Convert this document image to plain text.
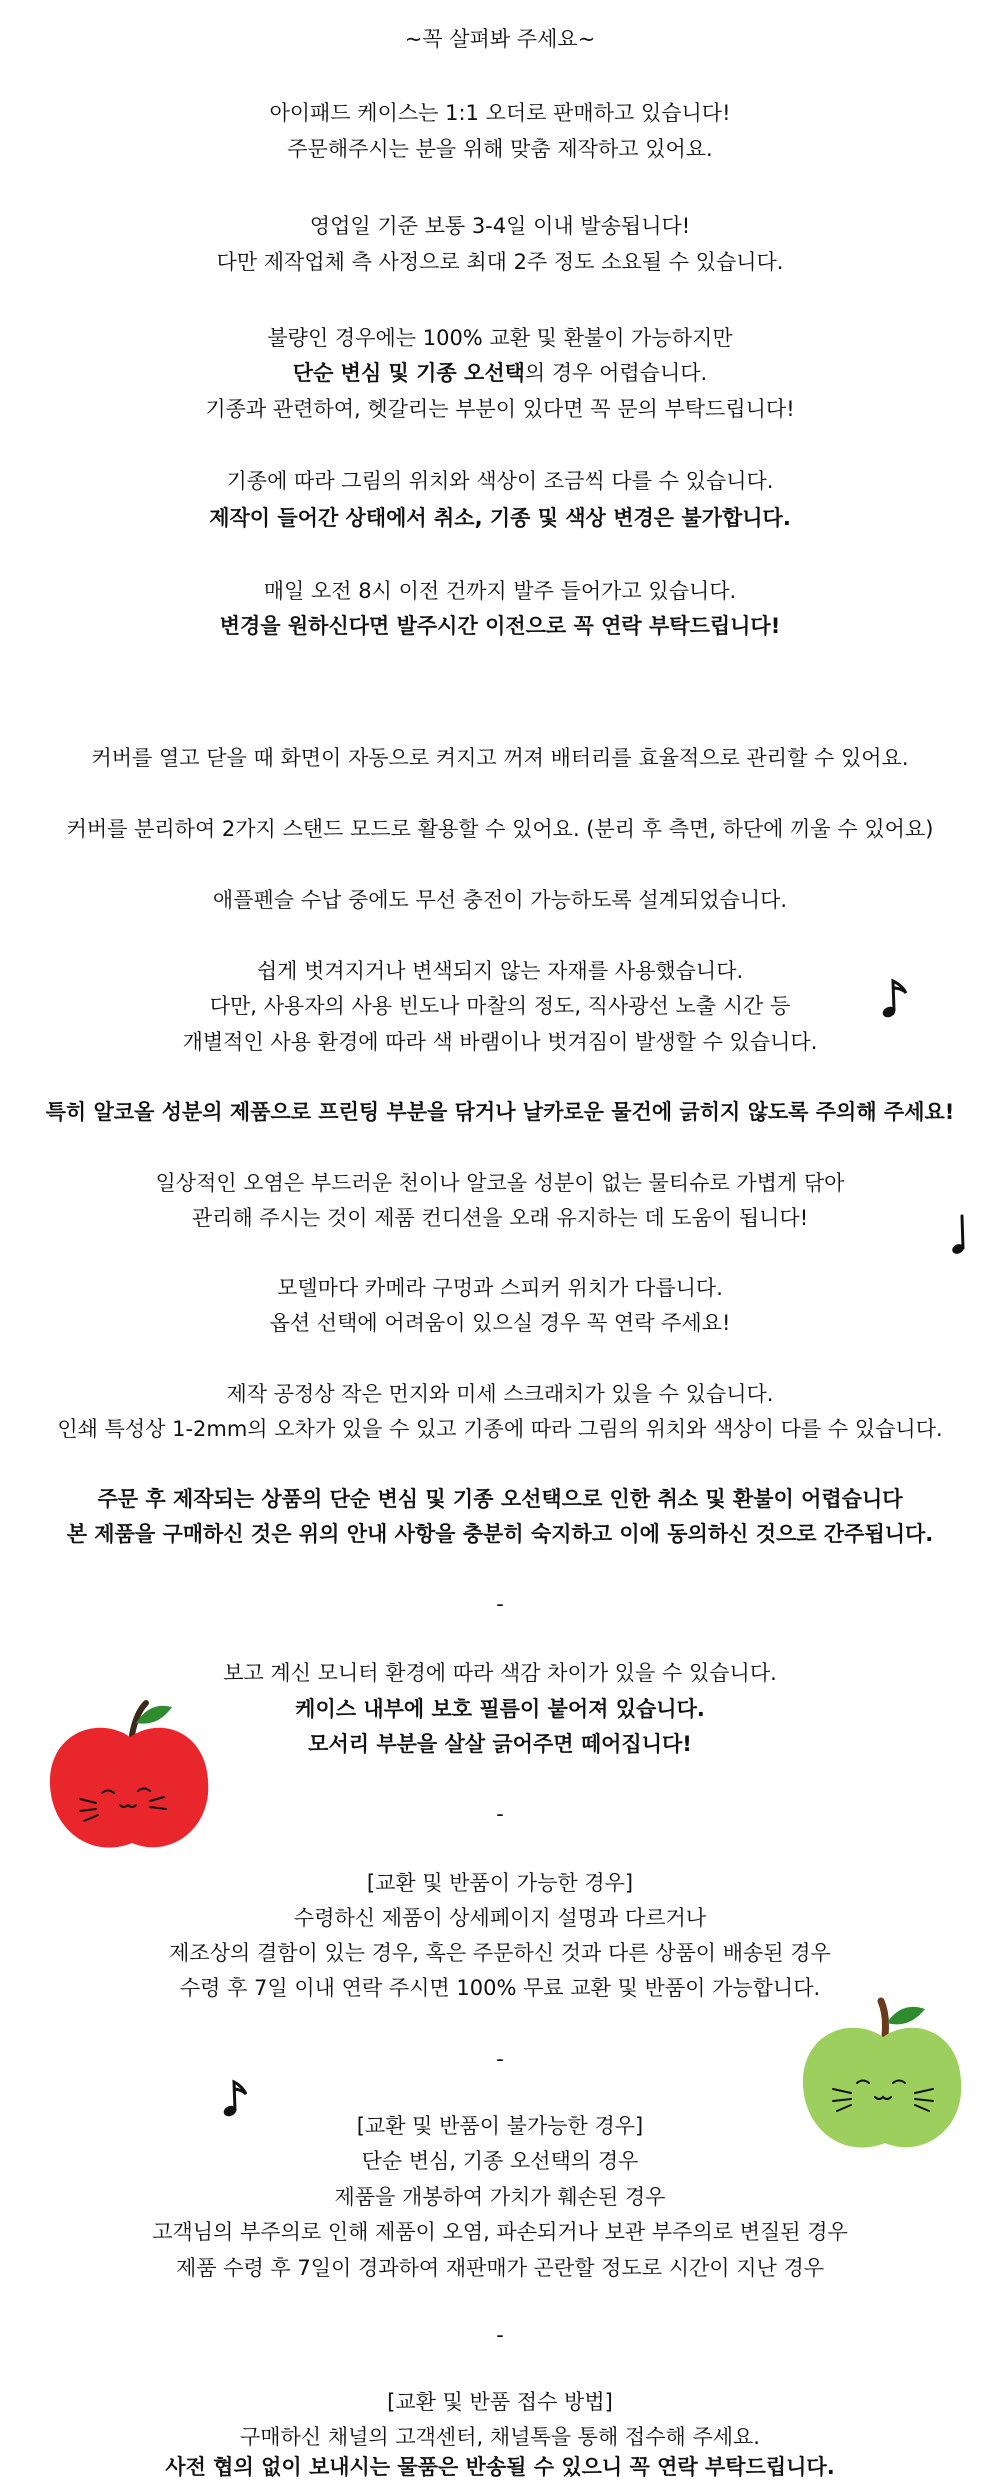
~꼭 살펴봐 주세요~
아이패드 케이스는 1:1 오더로 판매하고 있습니다!
주문해주시는 분을 위해 맞춤 제작하고 있어요.
영업일 기준 보통 3-4일 이내 발송됩니다!
다만 제작업체 측 사정으로 최대 2주 정도 소요될 수 있습니다.
불량인 경우에는 100% 교환 및 환불이 가능하지만
단순 변심 및 기종 오선택의 경우 어렵습니다.
기종과 관련하여, 헷갈리는 부분이 있다면 꼭 문의 부탁드립니다!
기종에 따라 그림의 위치와 색상이 조금씩 다를 수 있습니다.
제작이 들어간 상태에서 취소, 기종 및 색상 변경은 불가합니다.
매일 오전 8시 이전 건까지 발주 들어가고 있습니다.
변경을 원하신다면 발주시간 이전으로 꼭 연락 부탁드립니다!
커버를 열고 닫을 때 화면이 자동으로 켜지고 꺼져 배터리를 효율적으로 관리할 수 있어요.
커버를 분리하여 2가지 스탠드 모드로 활용할 수 있어요. (분리 후 측면, 하단에 끼울 수 있어요)
애플펜슬 수납 중에도 무선 충전이 가능하도록 설계되었습니다.
쉽게 벗겨지거나 변색되지 않는 자재를 사용했습니다.
다만, 사용자의 사용 빈도나 마찰의 정도, 직사광선 노출 시간 등
개별적인 사용 환경에 따라 색 바램이나 벗겨짐이 발생할 수 있습니다.
특히 알코올 성분의 제품으로 프린팅 부분을 닦거나 날카로운 물건에 긁히지 않도록 주의해 주세요!
일상적인 오염은 부드러운 천이나 알코올 성분이 없는 물티슈로 가볍게 닦아
관리해 주시는 것이 제품 컨디션을 오래 유지하는 데 도움이 됩니다!
모델마다 카메라 구멍과 스피커 위치가 다릅니다.
옵션 선택에 어려움이 있으실 경우 꼭 연락 주세요!
제작 공정상 작은 먼지와 미세 스크래치가 있을 수 있습니다.
인쇄 특성상 1-2mm의 오차가 있을 수 있고 기종에 따라 그림의 위치와 색상이 다를 수 있습니다.
주문 후 제작되는 상품의 단순 변심 및 기종 오선택으로 인한 취소 및 환불이 어렵습니다
본 제품을 구매하신 것은 위의 안내 사항을 충분히 숙지하고 이에 동의하신 것으로 간주됩니다.
-
보고 계신 모니터 환경에 따라 색감 차이가 있을 수 있습니다.
케이스 내부에 보호 필름이 붙어져 있습니다.
모서리 부분을 살살 긁어주면 떼어집니다!
-
[교환 및 반품이 가능한 경우]
수령하신 제품이 상세페이지 설명과 다르거나
제조상의 결함이 있는 경우, 혹은 주문하신 것과 다른 상품이 배송된 경우
수령 후 7일 이내 연락 주시면 100% 무료 교환 및 반품이 가능합니다.
-
[교환 및 반품이 불가능한 경우]
단순 변심, 기종 오선택의 경우
제품을 개봉하여 가치가 훼손된 경우
고객님의 부주의로 인해 제품이 오염, 파손되거나 보관 부주의로 변질된 경우
제품 수령 후 7일이 경과하여 재판매가 곤란할 정도로 시간이 지난 경우
-
[교환 및 반품 접수 방법]
구매하신 채널의 고객센터, 채널톡을 통해 접수해 주세요.
사전 협의 없이 보내시는 물품은 반송될 수 있으니 꼭 연락 부탁드립니다.
